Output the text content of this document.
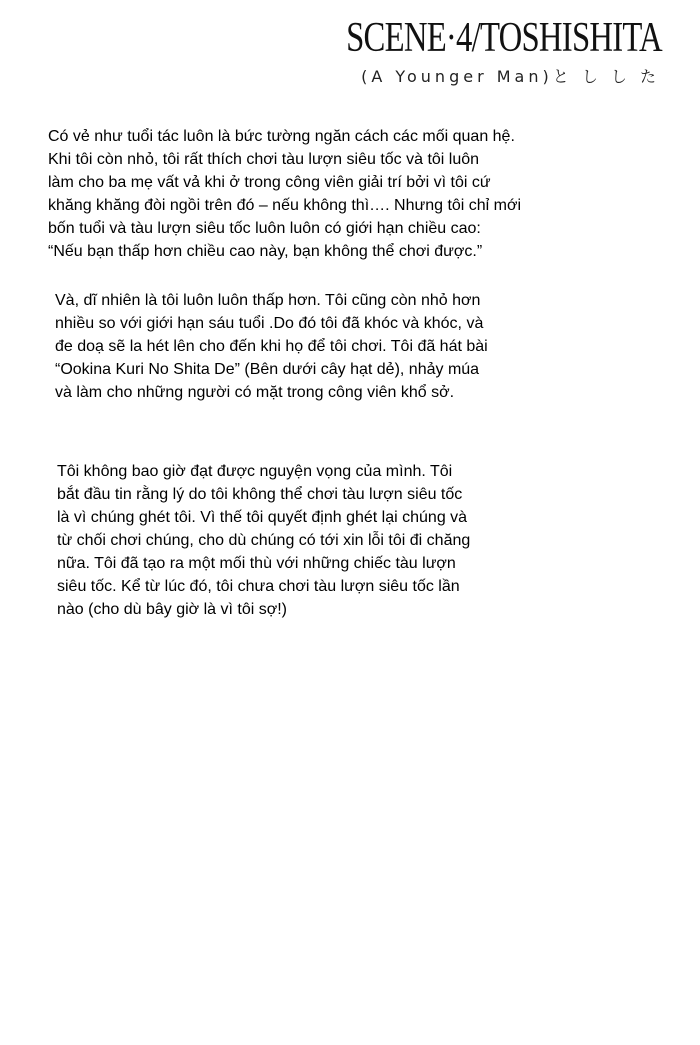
SCENE·4/TOSHISHITA
(A Younger Man)と し し た
Có vẻ như tuổi tác luôn là bức tường ngăn cách các mối quan hệ.
Khi tôi còn nhỏ, tôi rất thích chơi tàu lượn siêu tốc và tôi luôn
làm cho ba mẹ vất vả khi ở trong công viên giải trí bởi vì tôi cứ
khăng khăng đòi ngồi trên đó – nếu không thì…. Nhưng tôi chỉ mới
bốn tuổi và tàu lượn siêu tốc luôn luôn có giới hạn chiều cao:
“Nếu bạn thấp hơn chiều cao này, bạn không thể chơi được.”
Và, dĩ nhiên là tôi luôn luôn thấp hơn. Tôi cũng còn nhỏ hơn
nhiều so với giới hạn sáu tuổi .Do đó tôi đã khóc và khóc, và
đe doạ sẽ la hét lên cho đến khi họ để tôi chơi. Tôi đã hát bài
“Ookina Kuri No Shita De” (Bên dưới cây hạt dẻ), nhảy múa
và làm cho những người có mặt trong công viên khổ sở.
Tôi không bao giờ đạt được nguyện vọng của mình. Tôi
bắt đầu tin rằng lý do tôi không thể chơi tàu lượn siêu tốc
là vì chúng ghét tôi. Vì thế tôi quyết định ghét lại chúng và
từ chối chơi chúng, cho dù chúng có tới xin lỗi tôi đi chăng
nữa. Tôi đã tạo ra một mối thù với những chiếc tàu lượn
siêu tốc. Kể từ lúc đó, tôi chưa chơi tàu lượn siêu tốc lần
nào (cho dù bây giờ là vì tôi sợ!)
